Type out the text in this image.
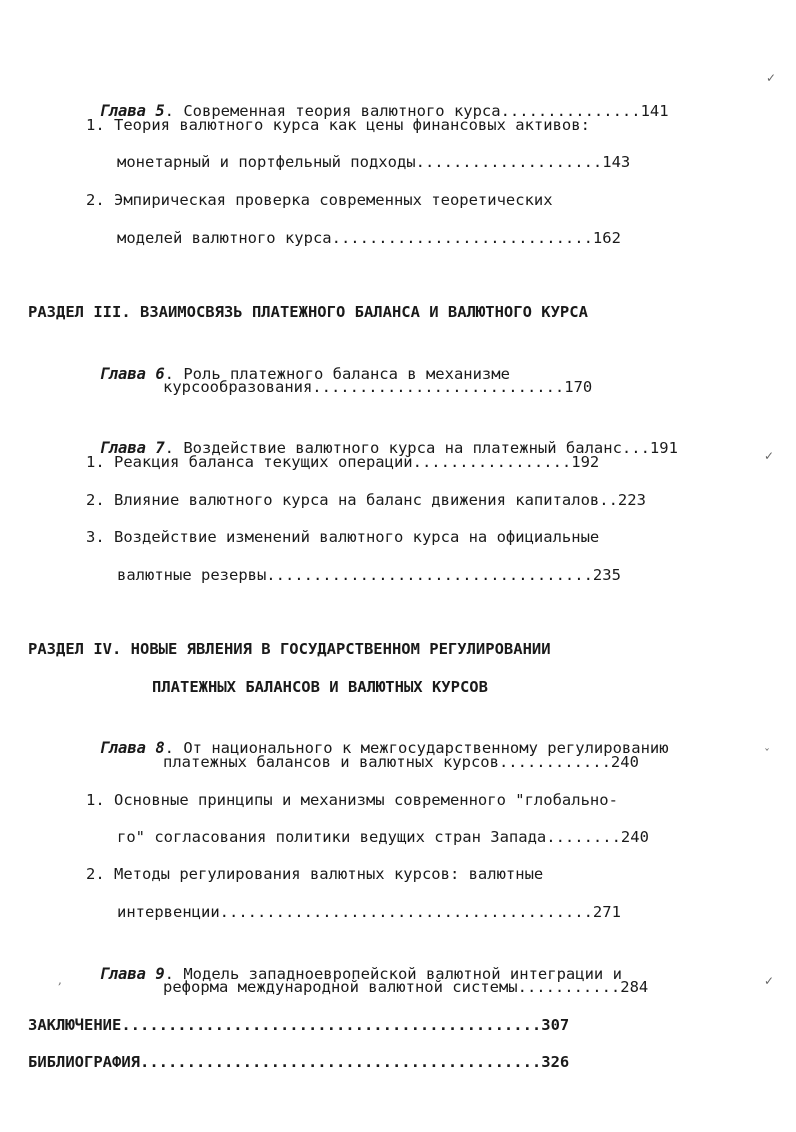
Глава 5. Современная теория валютного курса...............141

1. Теория валютного курса как цены финансовых активов:
монетарный и портфельный подходы....................143
2. Эмпирическая проверка современных теоретических
моделей валютного курса............................162
РАЗДЕЛ III. ВЗАИМОСВЯЗЬ ПЛАТЕЖНОГО БАЛАНСА И ВАЛЮТНОГО КУРСА

Глава 6. Роль платежного баланса в механизме

курсообразования...........................170

Глава 7. Воздействие валютного курса на платежный баланс...191

1. Реакция баланса текущих операций.................192
2. Влияние валютного курса на баланс движения капиталов..223
3. Воздействие изменений валютного курса на официальные
валютные резервы...................................235
РАЗДЕЛ IV. НОВЫЕ ЯВЛЕНИЯ В ГОСУДАРСТВЕННОМ РЕГУЛИРОВАНИИ
ПЛАТЕЖНЫХ БАЛАНСОВ И ВАЛЮТНЫХ КУРСОВ

Глава 8. От национального к межгосударственному регулированию

платежных балансов и валютных курсов............240
1. Основные принципы и механизмы современного "глобально-
го" согласования политики ведущих стран Запада........240
2. Методы регулирования валютных курсов: валютные
интервенции........................................271

Глава 9. Модель западноевропейской валютной интеграции и

реформа международной валютной системы...........284
ЗАКЛЮЧЕНИЕ.............................................307
БИБЛИОГРАФИЯ...........................................326
✓
✓
ˇ
✓
,
